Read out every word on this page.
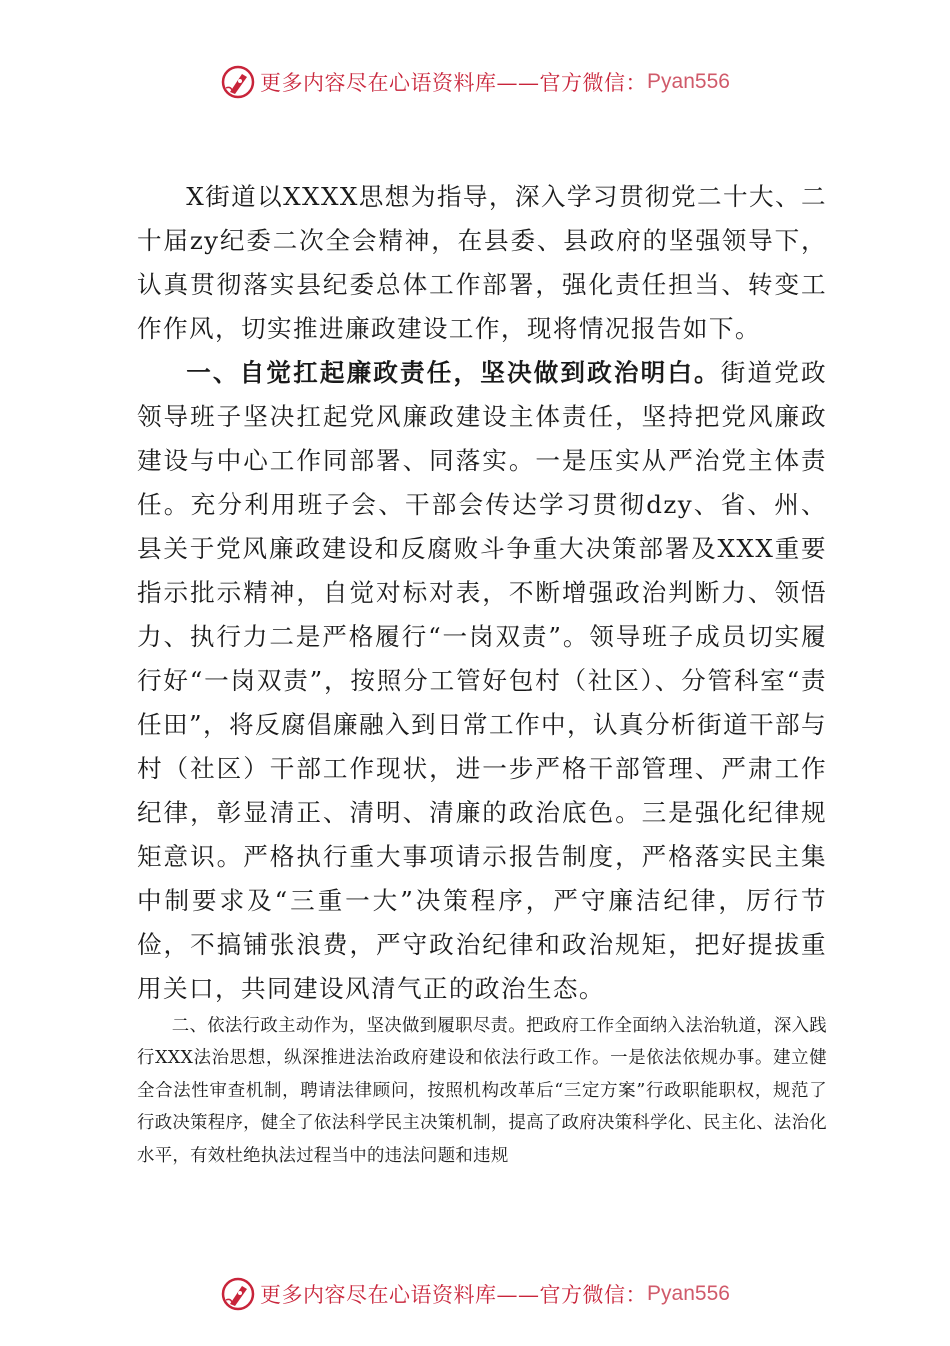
更多内容尽在心语资料库——官方微信： Pyan556

X街道以XXXX思想为指导，深入学习贯彻党二十大、二十届zy纪委二次全会精神，在县委、县政府的坚强领导下，认真贯彻落实县纪委总体工作部署，强化责任担当、转变工作作风，切实推进廉政建设工作，现将情况报告如下。

一、自觉扛起廉政责任，坚决做到政治明白。街道党政领导班子坚决扛起党风廉政建设主体责任，坚持把党风廉政建设与中心工作同部署、同落实。一是压实从严治党主体责任。充分利用班子会、干部会传达学习贯彻dzy、省、州、县关于党风廉政建设和反腐败斗争重大决策部署及XXX重要指示批示精神，自觉对标对表，不断增强政治判断力、领悟力、执行力二是严格履行“一岗双责”。领导班子成员切实履行好“一岗双责”，按照分工管好包村（社区）、分管科室“责任田”，将反腐倡廉融入到日常工作中，认真分析街道干部与村（社区）干部工作现状，进一步严格干部管理、严肃工作纪律，彰显清正、清明、清廉的政治底色。三是强化纪律规矩意识。严格执行重大事项请示报告制度，严格落实民主集中制要求及“三重一大”决策程序，严守廉洁纪律，厉行节俭，不搞铺张浪费，严守政治纪律和政治规矩，把好提拔重用关口，共同建设风清气正的政治生态。

二、依法行政主动作为，坚决做到履职尽责。把政府工作全面纳入法治轨道，深入践行XXX法治思想，纵深推进法治政府建设和依法行政工作。一是依法依规办事。建立健全合法性审查机制，聘请法律顾问，按照机构改革后“三定方案”行政职能职权，规范了行政决策程序，健全了依法科学民主决策机制，提高了政府决策科学化、民主化、法治化水平，有效杜绝执法过程当中的违法问题和违规

更多内容尽在心语资料库——官方微信： Pyan556
